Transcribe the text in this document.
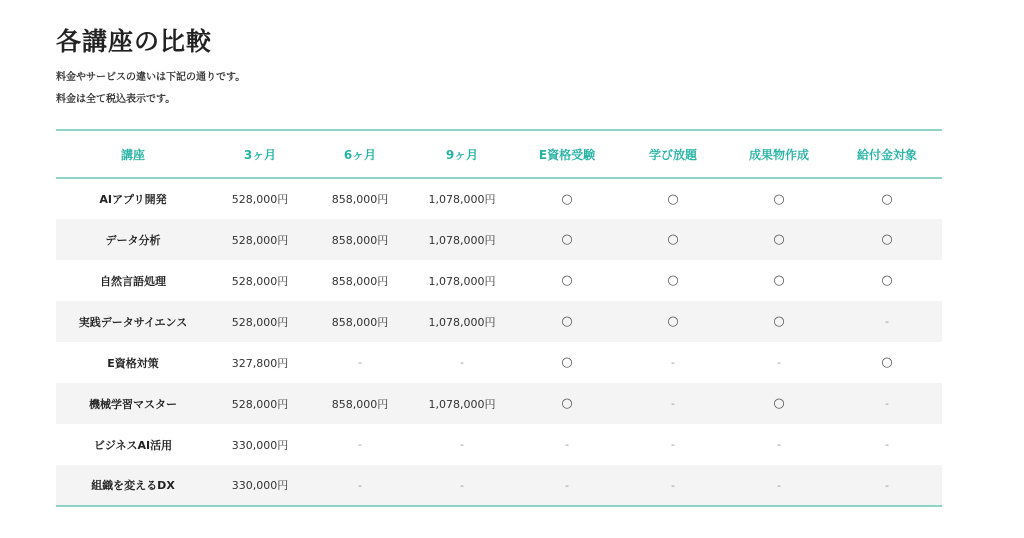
各講座の比較

料金やサービスの違いは下記の通りです。

料金は全て税込表示です。

講座	3ヶ月	6ヶ月	9ヶ月	E資格受験	学び放題	成果物作成	給付金対象
AIアプリ開発	528,000円	858,000円	1,078,000円	○	○	○	○
データ分析	528,000円	858,000円	1,078,000円	○	○	○	○
自然言語処理	528,000円	858,000円	1,078,000円	○	○	○	○
実践データサイエンス	528,000円	858,000円	1,078,000円	○	○	○	-
E資格対策	327,800円	-	-	○	-	-	○
機械学習マスター	528,000円	858,000円	1,078,000円	○	-	○	-
ビジネスAI活用	330,000円	-	-	-	-	-	-
組織を変えるDX	330,000円	-	-	-	-	-	-
